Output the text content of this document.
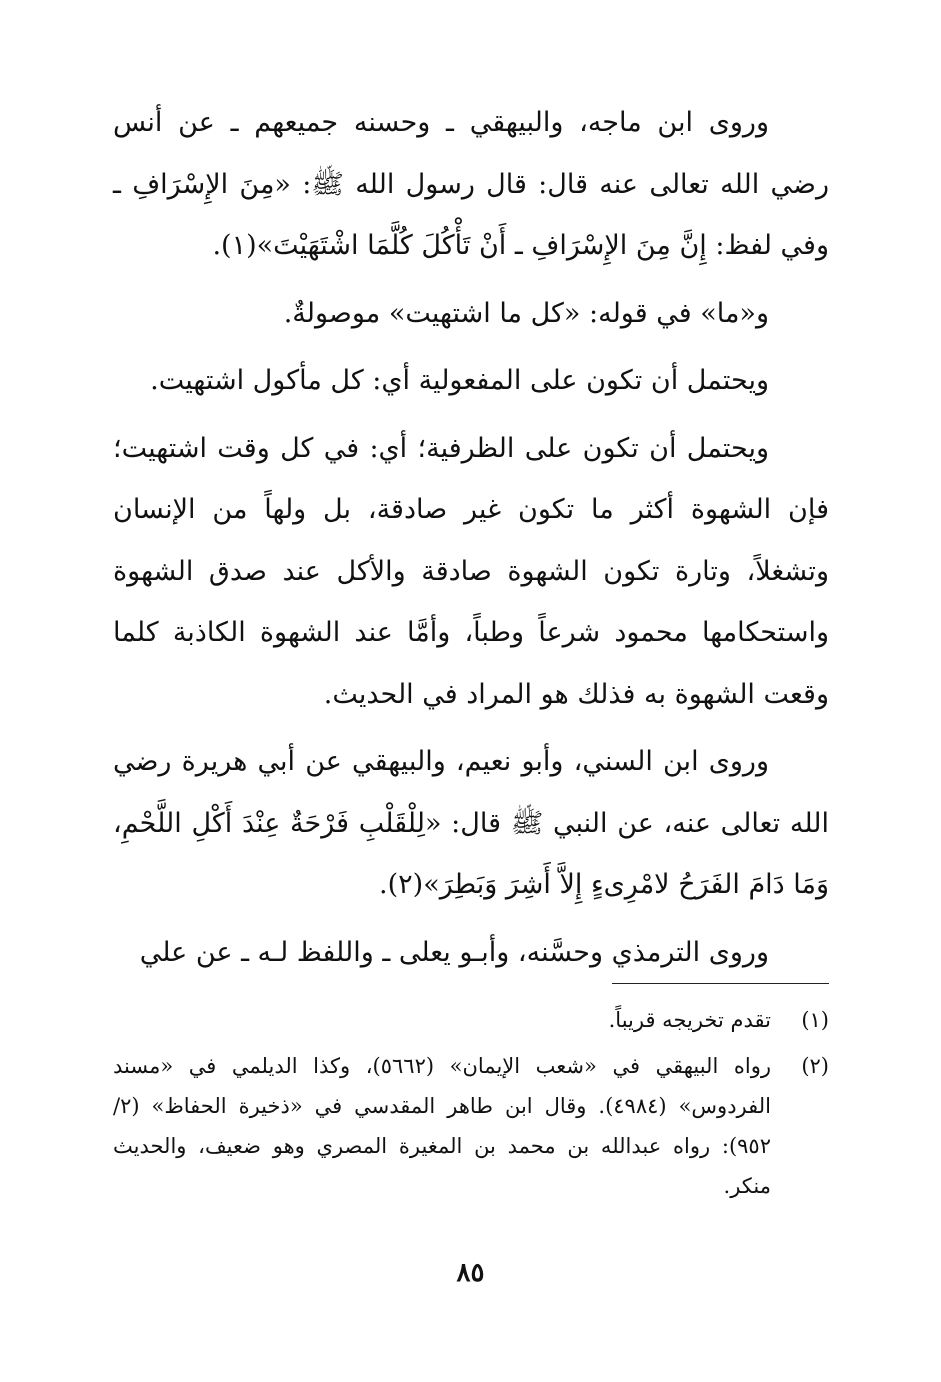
وروى ابن ماجه، والبيهقي ـ وحسنه جميعهم ـ عن أنس رضي الله تعالى عنه قال: قال رسول الله ﷺ: «مِنَ الإِسْرَافِ ـ وفي لفظ: إِنَّ مِنَ الإِسْرَافِ ـ أَنْ تَأْكُلَ كُلَّمَا اشْتَهَيْتَ»(١).

و«ما» في قوله: «كل ما اشتهيت» موصولةٌ.

ويحتمل أن تكون على المفعولية أي: كل مأكول اشتهيت.

ويحتمل أن تكون على الظرفية؛ أي: في كل وقت اشتهيت؛ فإن الشهوة أكثر ما تكون غير صادقة، بل ولهاً من الإنسان وتشغلاً، وتارة تكون الشهوة صادقة والأكل عند صدق الشهوة واستحكامها محمود شرعاً وطباً، وأمَّا عند الشهوة الكاذبة كلما وقعت الشهوة به فذلك هو المراد في الحديث.

وروى ابن السني، وأبو نعيم، والبيهقي عن أبي هريرة رضي الله تعالى عنه، عن النبي ﷺ قال: «لِلْقَلْبِ فَرْحَةٌ عِنْدَ أَكْلِ اللَّحْمِ، وَمَا دَامَ الفَرَحُ لامْرِىءٍ إِلاَّ أَشِرَ وَبَطِرَ»(٢).

وروى الترمذي وحسَّنه، وأبـو يعلى ـ واللفظ لـه ـ عن علي

(١)
تقدم تخريجه قريباً.
(٢)
رواه البيهقي في «شعب الإيمان» (٥٦٦٢)، وكذا الديلمي في «مسند الفردوس» (٤٩٨٤). وقال ابن طاهر المقدسي في «ذخيرة الحفاظ» (٢/ ٩٥٢): رواه عبدالله بن محمد بن المغيرة المصري وهو ضعيف، والحديث منكر.
٨٥
